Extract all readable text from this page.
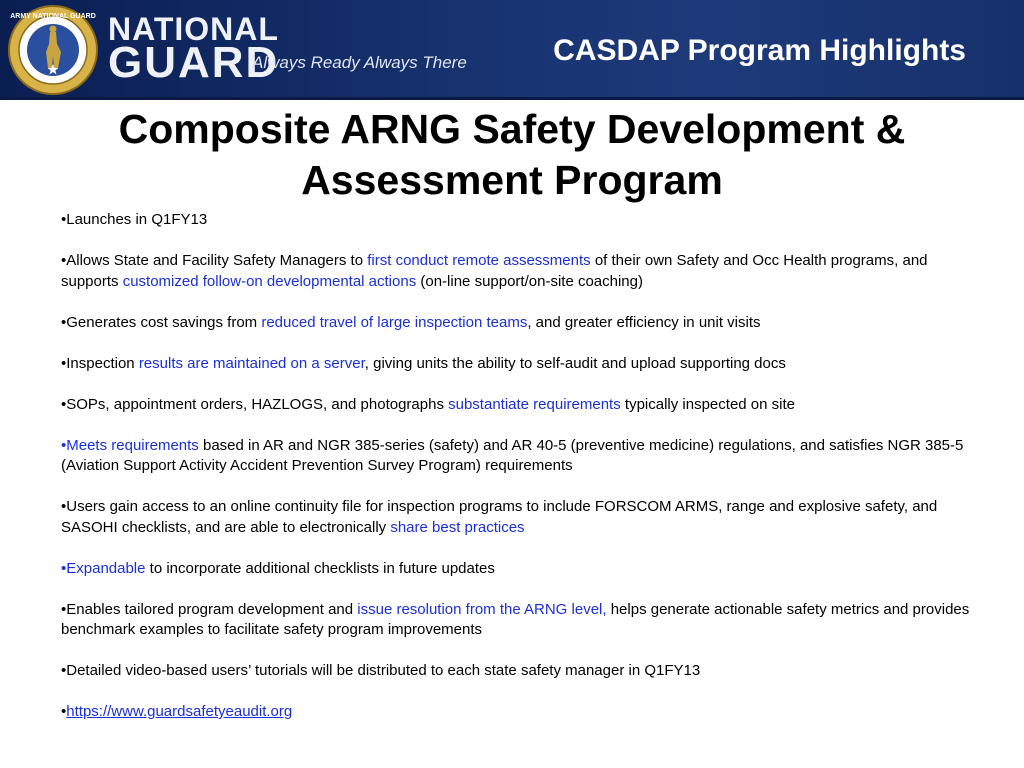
ARMY NATIONAL GUARD NATIONAL
GUARD
Always Ready Always There	CASDAP Program Highlights
Composite ARNG Safety Development &
Assessment Program
•Launches in Q1FY13
•Allows State and Facility Safety Managers to first conduct remote assessments of their own Safety and Occ Health programs, and supports customized follow-on developmental actions (on-line support/on-site coaching)
•Generates cost savings from reduced travel of large inspection teams, and greater efficiency in unit visits
•Inspection results are maintained on a server, giving units the ability to self-audit and upload supporting docs
•SOPs, appointment orders, HAZLOGS, and photographs substantiate requirements typically inspected on site
•Meets requirements based in AR and NGR 385-series (safety) and AR 40-5 (preventive medicine) regulations, and satisfies NGR 385-5 (Aviation Support Activity Accident Prevention Survey Program) requirements
•Users gain access to an online continuity file for inspection programs to include FORSCOM ARMS, range and explosive safety, and SASOHI checklists, and are able to electronically share best practices
•Expandable to incorporate additional checklists in future updates
•Enables tailored program development and issue resolution from the ARNG level, helps generate actionable safety metrics and provides benchmark examples to facilitate safety program improvements
•Detailed video-based users’ tutorials will be distributed to each state safety manager in Q1FY13
•https://www.guardsafetyeaudit.org
